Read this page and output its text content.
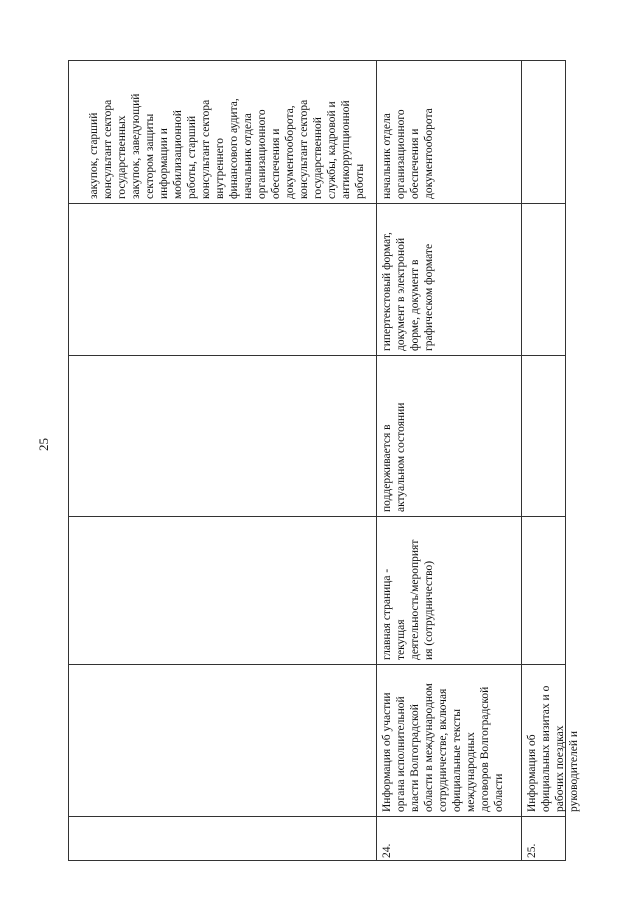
25

закупок, старший
консультант сектора
государственных
закупок, заведующий
сектором защиты
информации и
мобилизационной
работы, старший
консультант сектора
внутреннего
финансового аудита,
начальник отдела
организационного
обеспечения и
документооборота,
консультант сектора
государственной
службы, кадровой и
антикоррупционной
работы	начальник отдела
организационного
обеспечения и
документооборота
гипертекстовый формат,
документ в электроной
форме, документ в
графическом формате
поддерживается в
актуальном состоянии
главная страница -
текущая
деятельность/мероприят
ия (сотрудничество)
Информация об участии
органа исполнительной
власти Волгоградской
области в международном
сотрудничестве, включая
официальные тексты
международных
договоров Волгоградской
области
24.
Информация об
официальных визитах и о
рабочих поездках
руководителей и
25.
